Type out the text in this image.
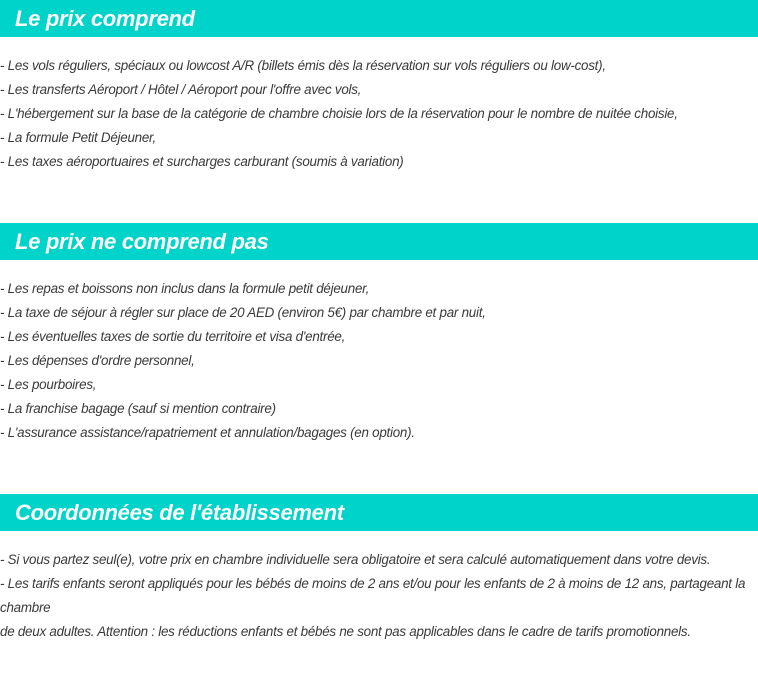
Le prix comprend
- Les vols réguliers, spéciaux ou lowcost A/R (billets émis dès la réservation sur vols réguliers ou low-cost),
- Les transferts Aéroport / Hôtel / Aéroport pour l'offre avec vols,
- L'hébergement sur la base de la catégorie de chambre choisie lors de la réservation pour le nombre de nuitée choisie,
- La formule Petit Déjeuner,
- Les taxes aéroportuaires et surcharges carburant (soumis à variation)
Le prix ne comprend pas
- Les repas et boissons non inclus dans la formule petit déjeuner,
- La taxe de séjour à régler sur place de 20 AED (environ 5€) par chambre et par nuit,
- Les éventuelles taxes de sortie du territoire et visa d'entrée,
- Les dépenses d'ordre personnel,
- Les pourboires,
- La franchise bagage (sauf si mention contraire)
- L'assurance assistance/rapatriement et annulation/bagages (en option).
Coordonnées de l'établissement
- Si vous partez seul(e), votre prix en chambre individuelle sera obligatoire et sera calculé automatiquement dans votre devis.
- Les tarifs enfants seront appliqués pour les bébés de moins de 2 ans et/ou pour les enfants de 2 à moins de 12 ans, partageant la chambre
de deux adultes. Attention : les réductions enfants et bébés ne sont pas applicables dans le cadre de tarifs promotionnels.
